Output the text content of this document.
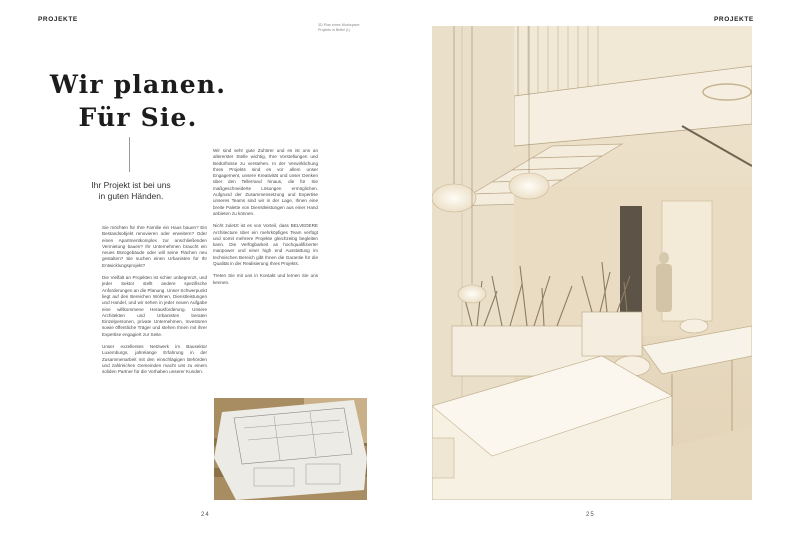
PROJEKTE
3D-Plan eines Workspace
Projekts in Bettel (L)
Wir planen.
Für Sie.
Ihr Projekt ist bei uns
in guten Händen.

Sie möchten für Ihre Familie ein Haus bauen? Ein Bestandsobjekt renovieren oder erweitern? Oder einen Apartmentkomplex zur anschließenden Vermietung bauen? Ihr Unternehmen braucht ein neues Bürogebäude oder will seine Flächen neu gestalten? Sie suchen einen Urbanisten für Ihr Entwicklungsprojekt?

Die Vielfalt an Projekten ist schier unbegrenzt, und jeder Sektor stellt andere spezifische Anforderungen an die Planung. Unser Schwerpunkt liegt auf den Bereichen Wohnen, Dienstleistungen und Handel, und wir sehen in jeder neuen Aufgabe eine willkommene Herausforderung. Unsere Architekten und Urbanisten beraten Einzelpersonen, private Unternehmen, Investoren sowie öffentliche Träger und stehen Ihnen mit ihrer Expertise engagiert zur Seite.

Unser exzellentes Netzwerk im Bausektor Luxemburgs, jahrelange Erfahrung in der Zusammenarbeit mit den einschlägigen Behörden und zahlreichen Gemeinden macht uns zu einem soliden Partner für die Vorhaben unserer Kunden.

Wir sind sehr gute Zuhörer und es ist uns an allererster Stelle wichtig, Ihre Vorstellungen und Bedürfnisse zu verstehen. In der Verwirklichung Ihres Projekts sind es vor allem unser Engagement, unsere Kreativität und unser Denken über den Tellerrand hinaus, die für Sie maßgeschneiderte Lösungen ermöglichen. Aufgrund der Zusammensetzung und Expertise unseres Teams sind wir in der Lage, Ihnen eine breite Palette von Dienstleistungen aus einer Hand anbieten zu können.

Nicht zuletzt ist es von Vorteil, dass BELVEDERE Architecture über ein mehrköpfiges Team verfügt und somit mehrere Projekte gleichzeitig begleiten kann. Die Verfügbarkeit an hochqualifizierter manpower und einer high end Ausstattung im technischen Bereich gibt Ihnen die Garantie für die Qualität in der Realisierung Ihres Projekts.

Treten Sie mit uns in Kontakt und lernen Sie uns kennen.

24
PROJEKTE
25
